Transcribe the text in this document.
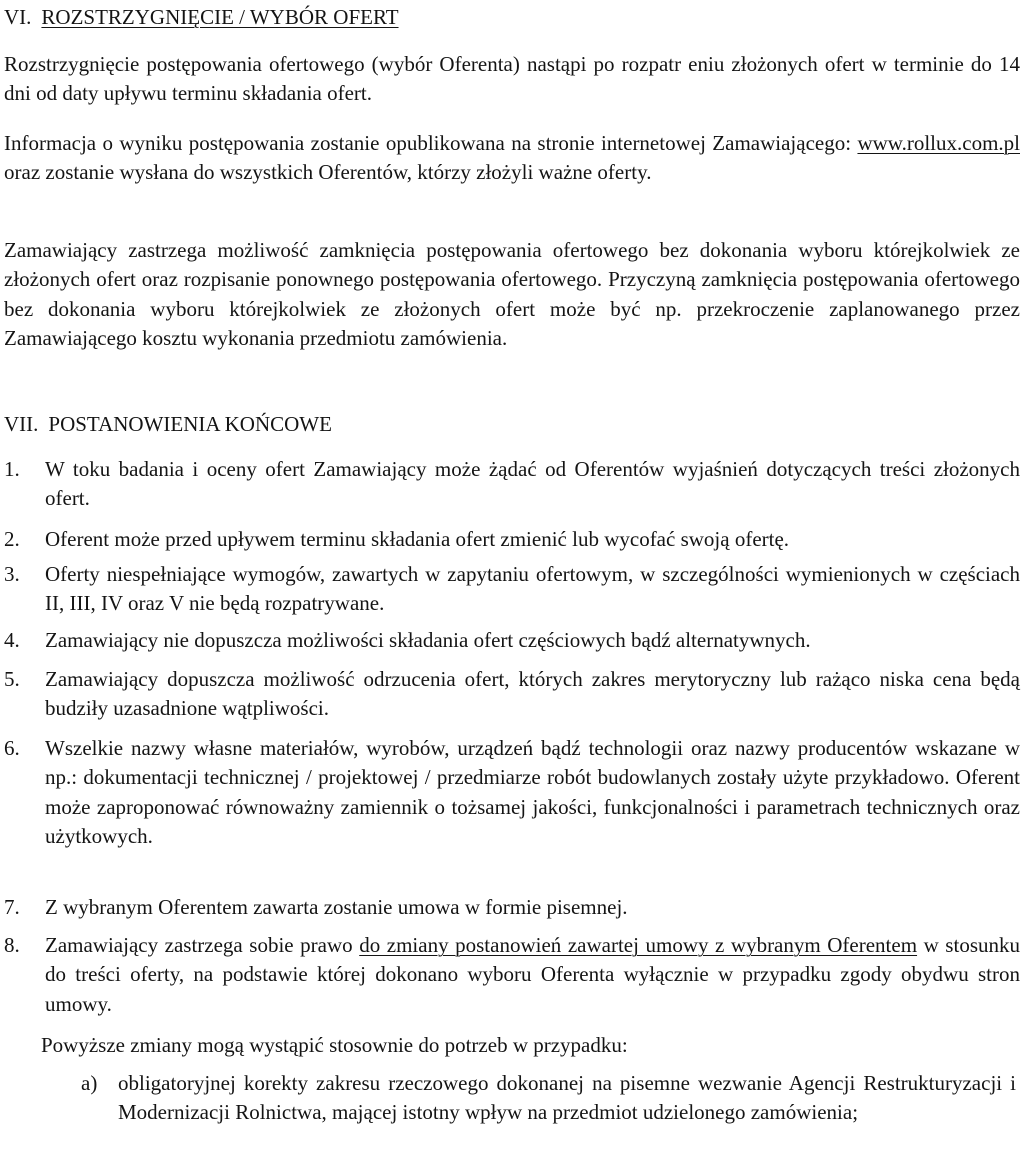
VI. ROZSTRZYGNIĘCIE / WYBÓR OFERT

Rozstrzygnięcie postępowania ofertowego (wybór Oferenta) nastąpi po rozpatr eniu złożonych ofert w terminie do 14 dni od daty upływu terminu składania ofert.

Informacja o wyniku postępowania zostanie opublikowana na stronie internetowej Zamawiającego: www.rollux.com.pl oraz zostanie wysłana do wszystkich Oferentów, którzy złożyli ważne oferty.

Zamawiający zastrzega możliwość zamknięcia postępowania ofertowego bez dokonania wyboru którejkolwiek ze złożonych ofert oraz rozpisanie ponownego postępowania ofertowego. Przyczyną zamknięcia postępowania ofertowego bez dokonania wyboru którejkolwiek ze złożonych ofert może być np. przekroczenie zaplanowanego przez Zamawiającego kosztu wykonania przedmiotu zamówienia.

VII. POSTANOWIENIA KOŃCOWE
1. W toku badania i oceny ofert Zamawiający może żądać od Oferentów wyjaśnień dotyczących treści złożonych ofert.

2. Oferent może przed upływem terminu składania ofert zmienić lub wycofać swoją ofertę.

3. Oferty niespełniające wymogów, zawartych w zapytaniu ofertowym, w szczególności wymienionych w częściach II, III, IV oraz V nie będą rozpatrywane.

4. Zamawiający nie dopuszcza możliwości składania ofert częściowych bądź alternatywnych.

5. Zamawiający dopuszcza możliwość odrzucenia ofert, których zakres merytoryczny lub rażąco niska cena będą budziły uzasadnione wątpliwości.

6. Wszelkie nazwy własne materiałów, wyrobów, urządzeń bądź technologii oraz nazwy producentów wskazane w np.: dokumentacji technicznej / projektowej / przedmiarze robót budowlanych zostały użyte przykładowo. Oferent może zaproponować równoważny zamiennik o tożsamej jakości, funkcjonalności i parametrach technicznych oraz użytkowych.

7. Z wybranym Oferentem zawarta zostanie umowa w formie pisemnej.

8. Zamawiający zastrzega sobie prawo do zmiany postanowień zawartej umowy z wybranym Oferentem w stosunku do treści oferty, na podstawie której dokonano wyboru Oferenta wyłącznie w przypadku zgody obydwu stron umowy.

Powyższe zmiany mogą wystąpić stosownie do potrzeb w przypadku:

a) obligatoryjnej korekty zakresu rzeczowego dokonanej na pisemne wezwanie Agencji Restrukturyzacji i Modernizacji Rolnictwa, mającej istotny wpływ na przedmiot udzielonego zamówienia;
